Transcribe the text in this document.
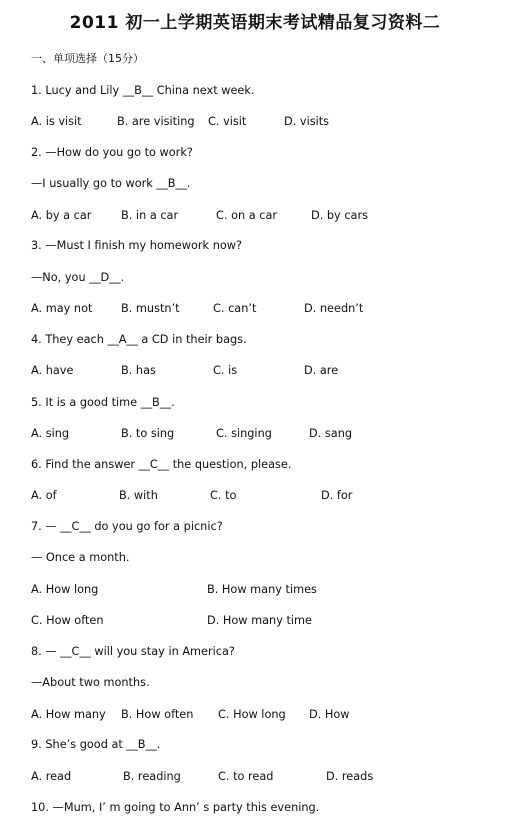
2011 初一上学期英语期末考试精品复习资料二
一、单项选择（15分）
1. Lucy and Lily __B__ China next week.
A. is visit	B. are visiting C. visit	D. visits
2. —How do you go to work?
—I usually go to work __B__.
A. by a car	B. in a car	C. on a car	D. by cars
3. —Must I finish my homework now?
—No, you __D__.
A. may not	B. mustn’t	C. can’t	D. needn’t
4. They each __A__ a CD in their bags.
A. have	B. has	C. is	D. are
5. It is a good time __B__.
A. sing	B. to sing	C. singing	D. sang
6. Find the answer __C__ the question, please.
A. of	B. with	C. to	D. for
7. — __C__ do you go for a picnic?
— Once a month.
A. How long	B. How many times
C. How often	D. How many time
8. — __C__ will you stay in America?
—About two months.
A. How many B. How often C. How long D. How
9. She’s good at __B__.
A. read	B. reading	C. to read	D. reads
10. —Mum, I’ m going to Ann’ s party this evening.
